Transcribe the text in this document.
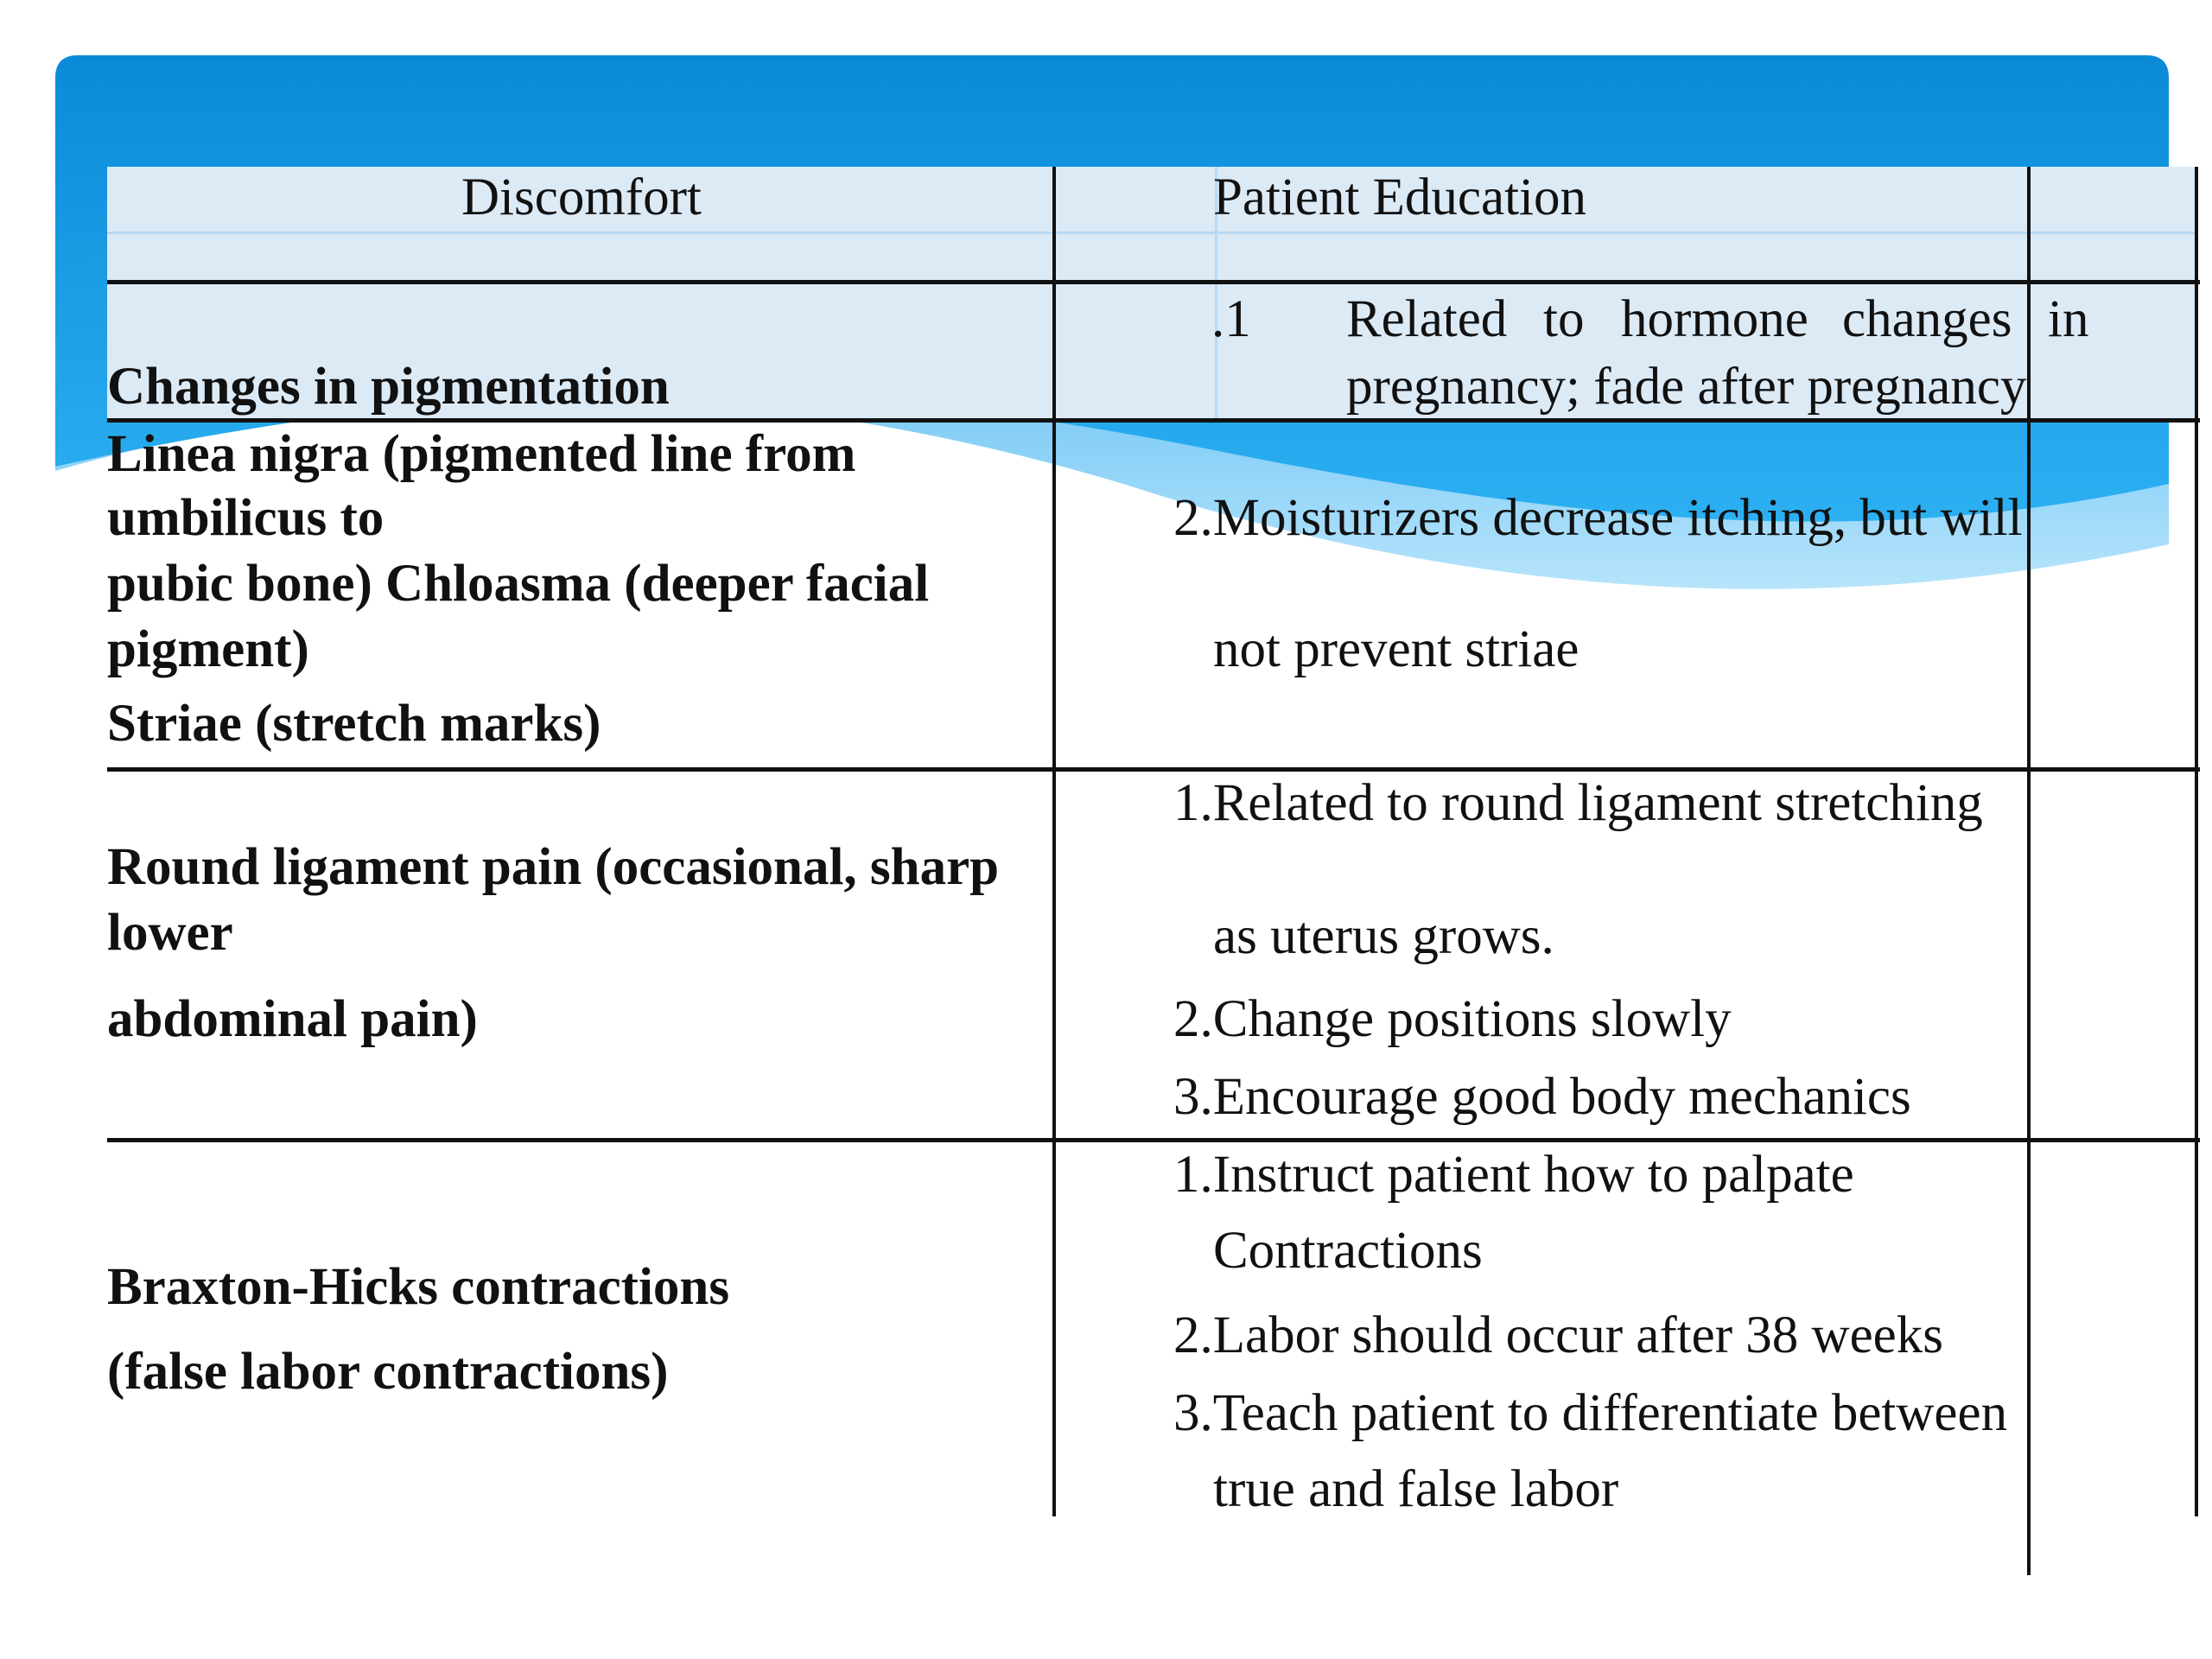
Discomfort	Patient Education
Changes in pigmentation
Linea nigra (pigmented line from
umbilicus to
pubic bone) Chloasma (deeper facial
pigment)
Striae (stretch marks)
.1 Related to hormone changes in
pregnancy; fade after pregnancy
2.Moisturizers decrease itching, but will
not prevent striae
Round ligament pain (occasional, sharp
lower
abdominal pain)
1.Related to round ligament stretching
as uterus grows.
2.Change positions slowly
3.Encourage good body mechanics
Braxton-Hicks contractions
(false labor contractions)
1.Instruct patient how to palpate
Contractions
2.Labor should occur after 38 weeks
3.Teach patient to differentiate between
true and false labor
